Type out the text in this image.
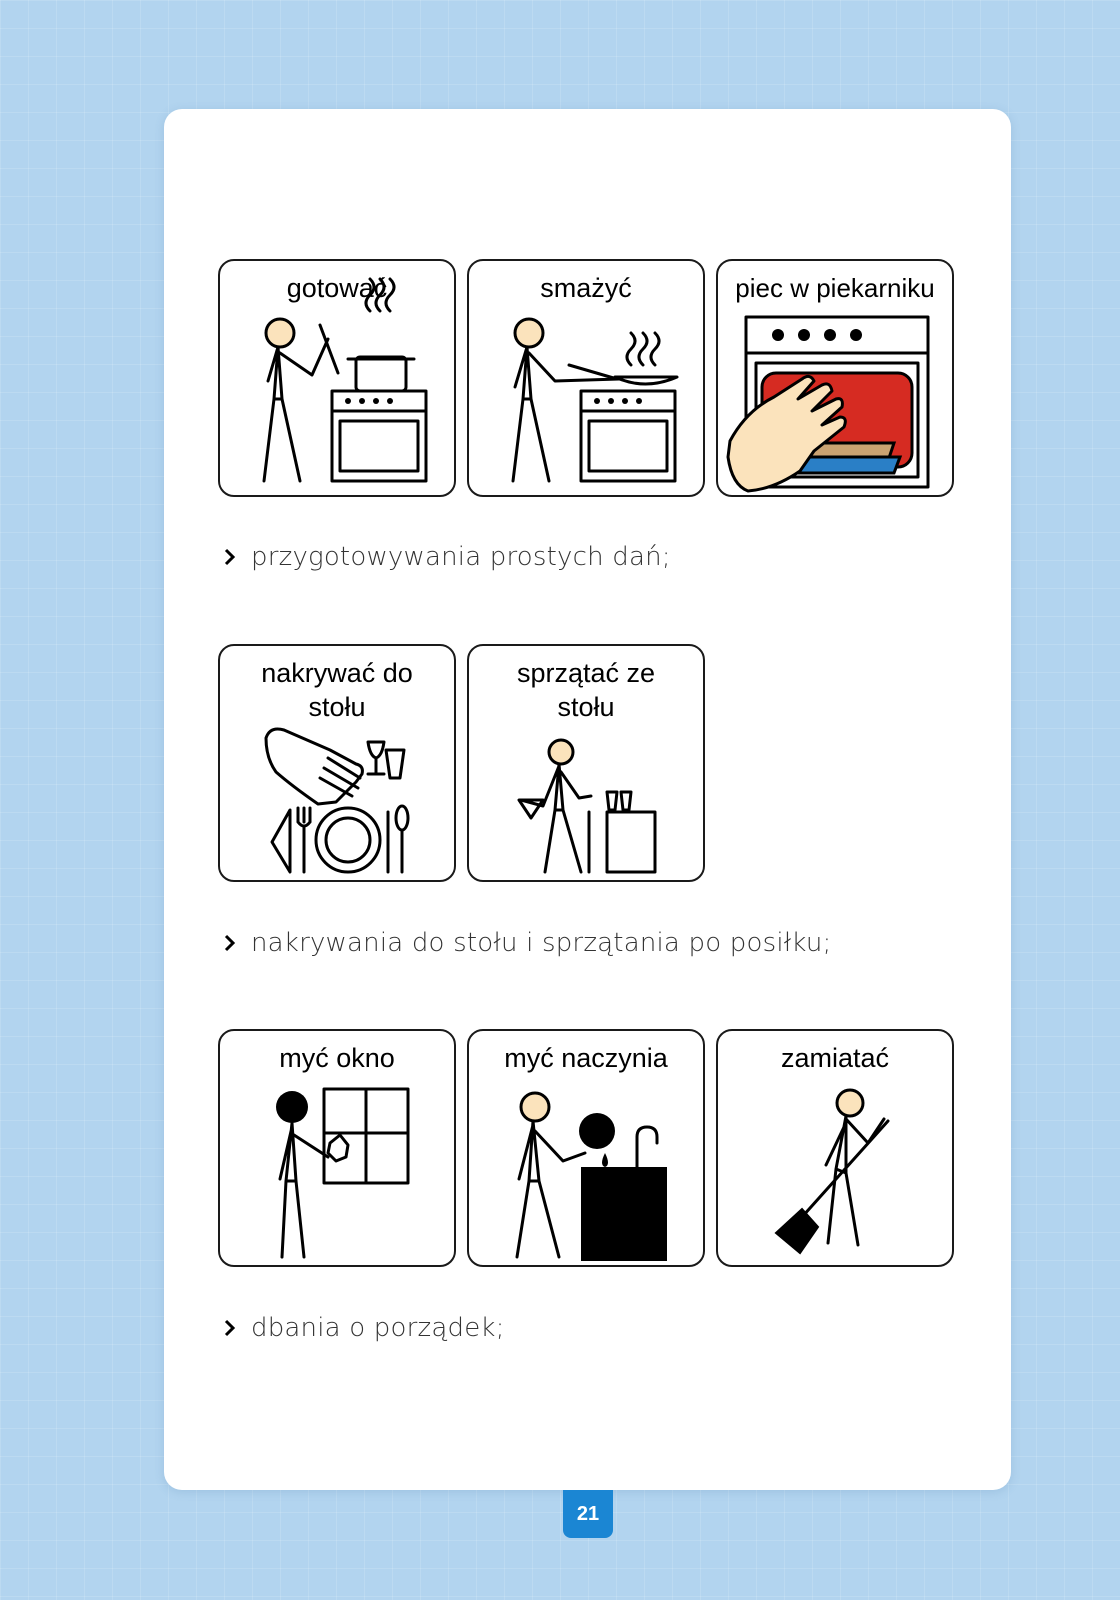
gotować	smażyć	piec w piekarniku
przygotowywania prostych dań;
nakrywać do stołu
sprzątać ze stołu
nakrywania do stołu i sprzątania po posiłku;
myć okno	myć naczynia	zamiatać
dbania o porządek;
21
